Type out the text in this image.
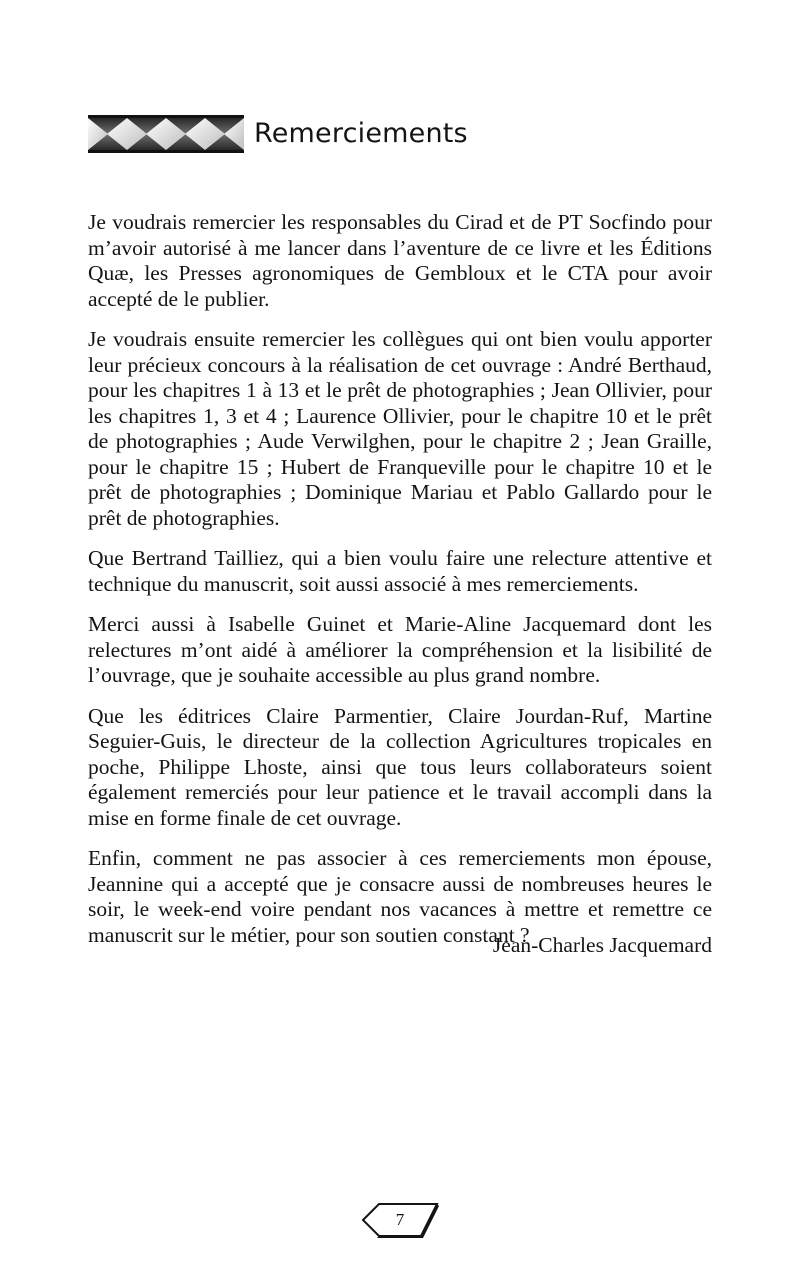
Remerciements

Je voudrais remercier les responsables du Cirad et de PT Socfindo pour m’avoir autorisé à me lancer dans l’aventure de ce livre et les Éditions Quæ, les Presses agronomiques de Gembloux et le CTA pour avoir accepté de le publier.

Je voudrais ensuite remercier les collègues qui ont bien voulu apporter leur précieux concours à la réalisation de cet ouvrage : André Berthaud, pour les chapitres 1 à 13 et le prêt de photographies ; Jean Ollivier, pour les chapitres 1, 3 et 4 ; Laurence Ollivier, pour le chapitre 10 et le prêt de photographies ; Aude Verwilghen, pour le chapitre 2 ; Jean Graille, pour le chapitre 15 ; Hubert de Franqueville pour le chapitre 10 et le prêt de photographies ; Dominique Mariau et Pablo Gallardo pour le prêt de photographies.

Que Bertrand Tailliez, qui a bien voulu faire une relecture attentive et technique du manuscrit, soit aussi associé à mes remerciements.

Merci aussi à Isabelle Guinet et Marie-Aline Jacquemard dont les relectures m’ont aidé à améliorer la compréhension et la lisibilité de l’ouvrage, que je souhaite accessible au plus grand nombre.

Que les éditrices Claire Parmentier, Claire Jourdan-Ruf, Martine Seguier-Guis, le directeur de la collection Agricultures tropicales en poche, Philippe Lhoste, ainsi que tous leurs collaborateurs soient également remerciés pour leur patience et le travail accompli dans la mise en forme finale de cet ouvrage.

Enfin, comment ne pas associer à ces remerciements mon épouse, Jeannine qui a accepté que je consacre aussi de nombreuses heures le soir, le week-end voire pendant nos vacances à mettre et remettre ce manuscrit sur le métier, pour son soutien constant ?

Jean-Charles Jacquemard
7
